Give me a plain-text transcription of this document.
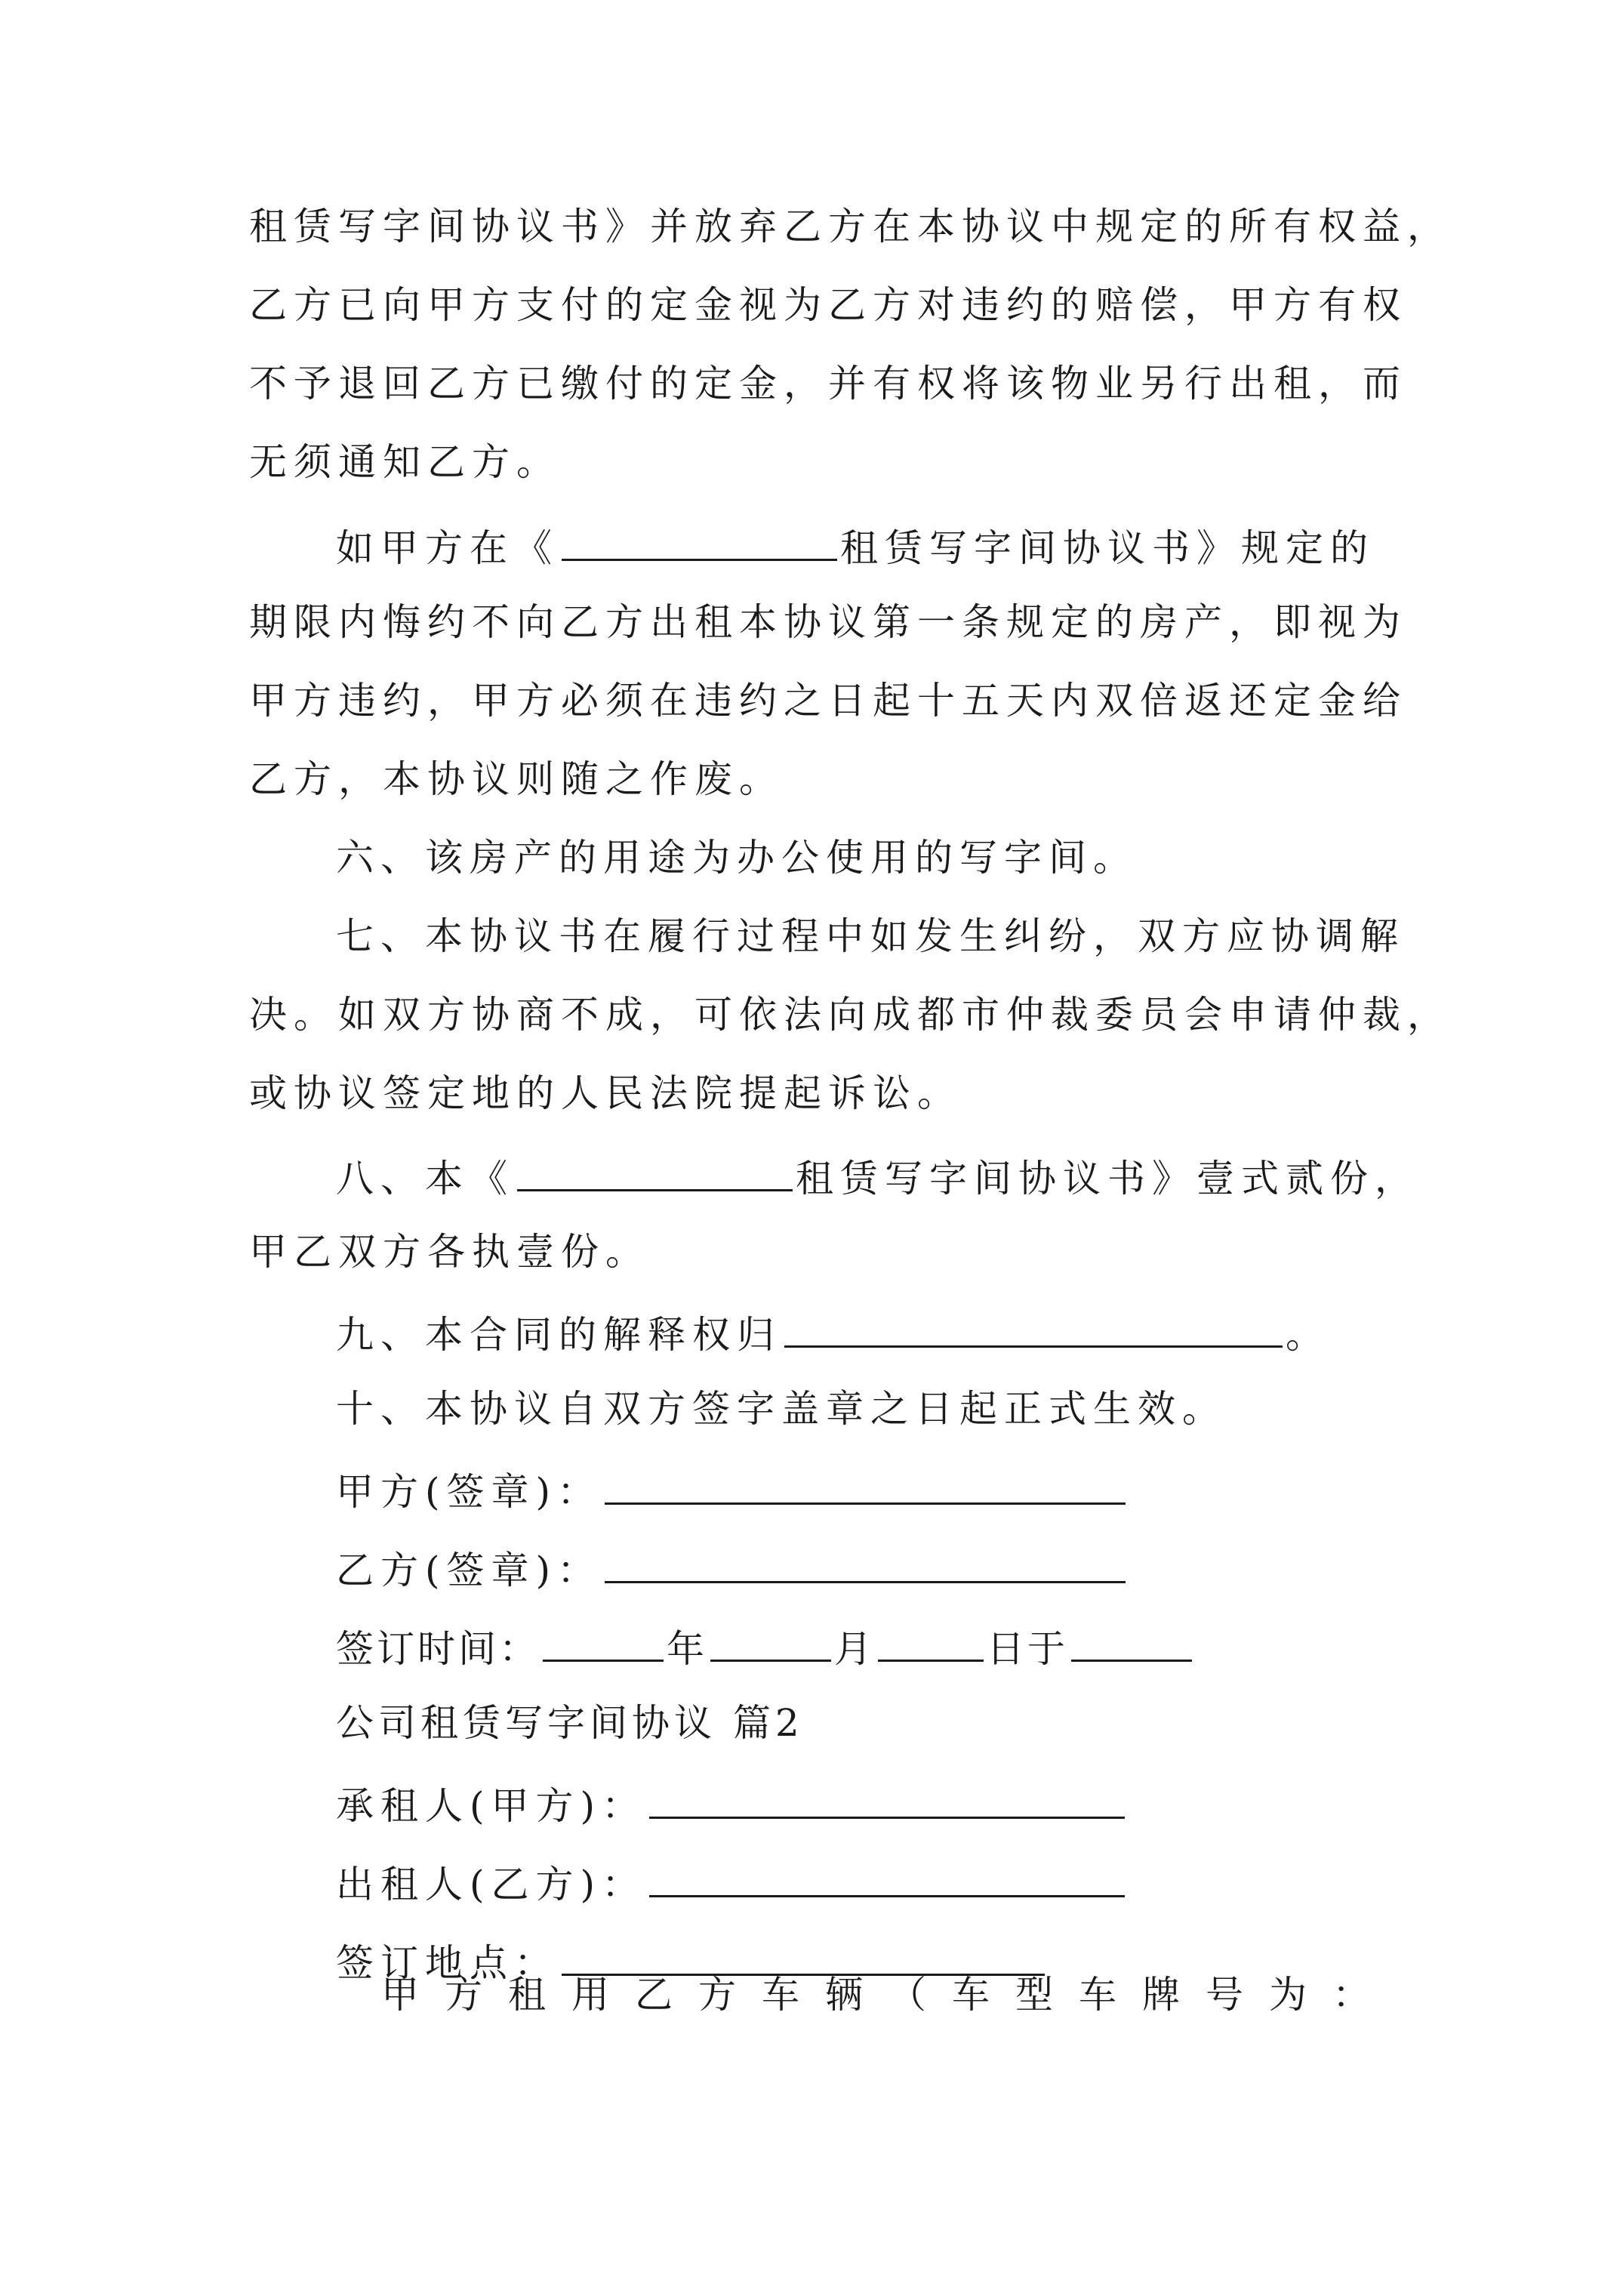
租赁写字间协议书》并放弃乙方在本协议中规定的所有权益，
乙方已向甲方支付的定金视为乙方对违约的赔偿，甲方有权
不予退回乙方已缴付的定金，并有权将该物业另行出租，而
无须通知乙方。
如甲方在《	租赁写字间协议书》规定的
期限内悔约不向乙方出租本协议第一条规定的房产，即视为
甲方违约，甲方必须在违约之日起十五天内双倍返还定金给
乙方，本协议则随之作废。
六、该房产的用途为办公使用的写字间。
七、本协议书在履行过程中如发生纠纷，双方应协调解
决。如双方协商不成，可依法向成都市仲裁委员会申请仲裁，
或协议签定地的人民法院提起诉讼。
八、本《	租赁写字间协议书》壹式贰份，
甲乙双方各执壹份。
九、本合同的解释权归	。
十、本协议自双方签字盖章之日起正式生效。
甲方(签章)：
乙方(签章)：
签订时间：	年	月	日于
公司租赁写字间协议 篇2
承租人(甲方)：
出租人(乙方)：
签订地点：
甲 方 租 用 乙 方 车 辆 （ 车 型 车 牌 号 为 ：
